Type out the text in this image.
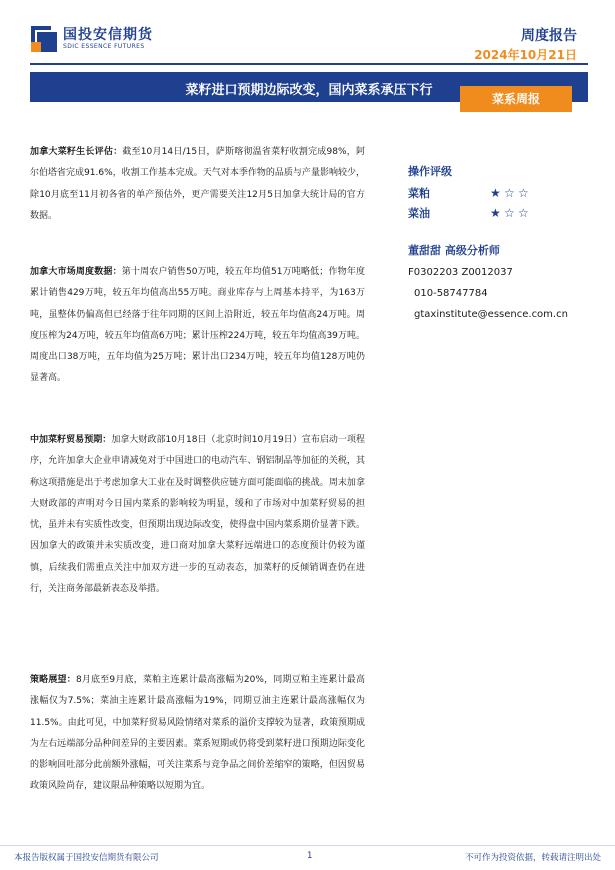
国投安信期货
SDIC ESSENCE FUTURES
周度报告
2024年10月21日
菜籽进口预期边际改变，国内菜系承压下行
菜系周报
加拿大菜籽生长评估：截至10月14日/15日，萨斯喀彻温省菜籽收割完成98%，阿尔伯塔省完成91.6%，收割工作基本完成。天气对本季作物的品质与产量影响较少，除10月底至11月初各省的单产预估外，更产需要关注12月5日加拿大统计局的官方数据。
加拿大市场周度数据：第十周农户销售50万吨，较五年均值51万吨略低；作物年度累计销售429万吨，较五年均值高出55万吨。商业库存与上周基本持平，为163万吨，虽整体仍偏高但已经落于往年同期的区间上沿附近，较五年均值高24万吨。周度压榨为24万吨，较五年均值高6万吨；累计压榨224万吨，较五年均值高39万吨。周度出口38万吨，五年均值为25万吨；累计出口234万吨，较五年均值128万吨仍显著高。
中加菜籽贸易预期：加拿大财政部10月18日（北京时间10月19日）宣布启动一项程序，允许加拿大企业申请减免对于中国进口的电动汽车、钢铝制品等加征的关税，其称这项措施是出于考虑加拿大工业在及时调整供应链方面可能面临的挑战。周末加拿大财政部的声明对今日国内菜系的影响较为明显，缓和了市场对中加菜籽贸易的担忧，虽并未有实质性改变，但预期出现边际改变，使得盘中国内菜系期价显著下跌。因加拿大的政策并未实质改变，进口商对加拿大菜籽远端进口的态度预计仍较为谨慎，后续我们需重点关注中加双方进一步的互动表态，加菜籽的反倾销调查仍在进行，关注商务部最新表态及举措。
策略展望：8月底至9月底，菜粕主连累计最高涨幅为20%，同期豆粕主连累计最高涨幅仅为7.5%；菜油主连累计最高涨幅为19%，同期豆油主连累计最高涨幅仅为11.5%。由此可见，中加菜籽贸易风险情绪对菜系的溢价支撑较为显著，政策预期成为左右远端部分品种间差异的主要因素。菜系短期或仍将受到菜籽进口预期边际变化的影响回吐部分此前额外涨幅，可关注菜系与竞争品之间价差缩窄的策略，但因贸易政策风险尚存，建议限品种策略以短期为宜。
操作评级
菜粕	★ ☆ ☆
菜油	★ ☆ ☆
董甜甜 高级分析师
F0302203 Z0012037
010-58747784
gtaxinstitute@essence.com.cn
本报告版权属于国投安信期货有限公司	1	不可作为投资依据，转载请注明出处
